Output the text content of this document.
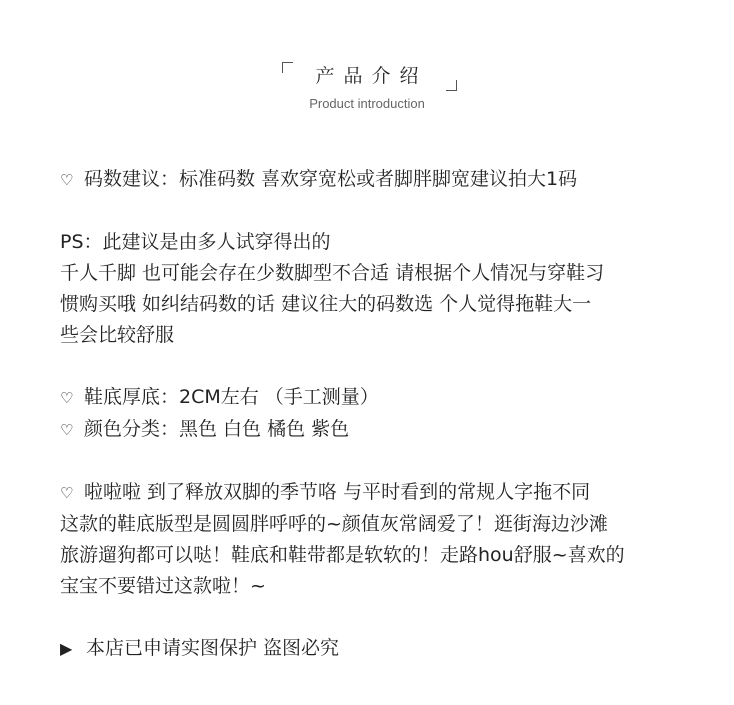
产品介绍
Product introduction
♡ 码数建议：标准码数 喜欢穿宽松或者脚胖脚宽建议拍大1码
PS：此建议是由多人试穿得出的
千人千脚 也可能会存在少数脚型不合适 请根据个人情况与穿鞋习
惯购买哦 如纠结码数的话 建议往大的码数选 个人觉得拖鞋大一
些会比较舒服
♡ 鞋底厚底：2CM左右 （手工测量）
♡ 颜色分类：黑色 白色 橘色 紫色
♡ 啦啦啦 到了释放双脚的季节咯 与平时看到的常规人字拖不同
这款的鞋底版型是圆圆胖呼呼的~颜值灰常阔爱了！逛街海边沙滩
旅游遛狗都可以哒！鞋底和鞋带都是软软的！走路hou舒服~喜欢的
宝宝不要错过这款啦！~
▶ 本店已申请实图保护 盗图必究
